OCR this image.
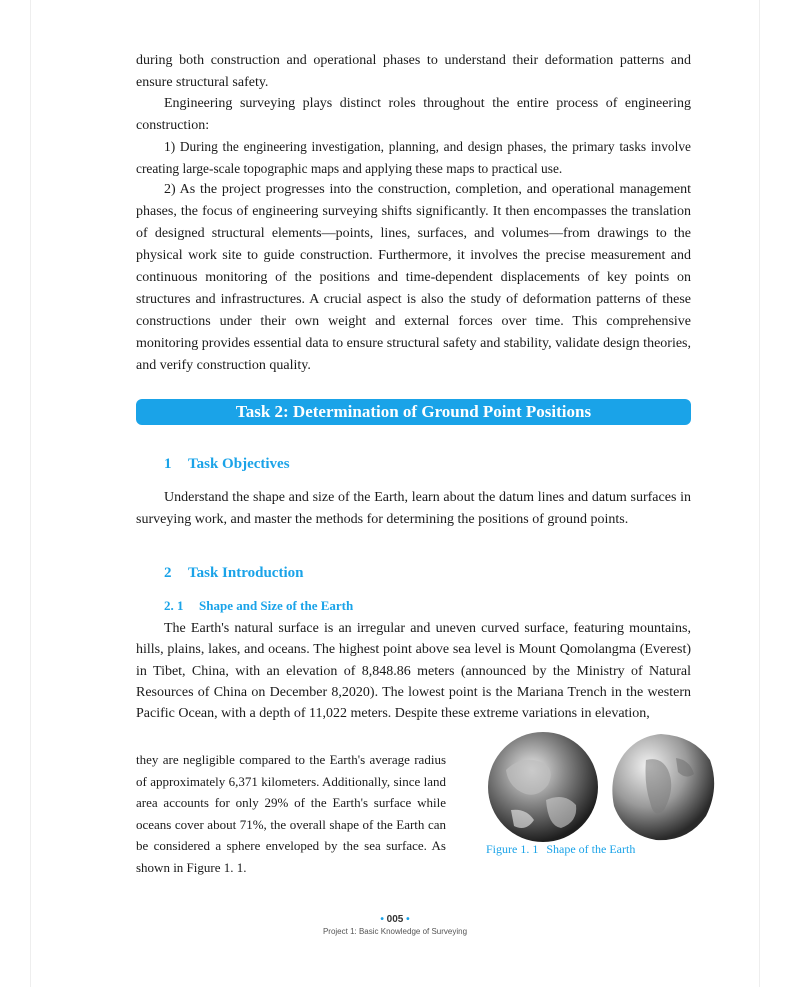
during both construction and operational phases to understand their deformation patterns and ensure structural safety.

Engineering surveying plays distinct roles throughout the entire process of engineering construction:

1) During the engineering investigation, planning, and design phases, the primary tasks involve creating large-scale topographic maps and applying these maps to practical use.

2) As the project progresses into the construction, completion, and operational management phases, the focus of engineering surveying shifts significantly. It then encompasses the translation of designed structural elements—points, lines, surfaces, and volumes—from drawings to the physical work site to guide construction. Furthermore, it involves the precise measurement and continuous monitoring of the positions and time-dependent displacements of key points on structures and infrastructures. A crucial aspect is also the study of deformation patterns of these constructions under their own weight and external forces over time. This comprehensive monitoring provides essential data to ensure structural safety and stability, validate design theories, and verify construction quality.

Task 2: Determination of Ground Point Positions
1 Task Objectives

Understand the shape and size of the Earth, learn about the datum lines and datum surfaces in surveying work, and master the methods for determining the positions of ground points.

2 Task Introduction
2. 1 Shape and Size of the Earth

The Earth's natural surface is an irregular and uneven curved surface, featuring mountains, hills, plains, lakes, and oceans. The highest point above sea level is Mount Qomolangma (Everest) in Tibet, China, with an elevation of 8,848.86 meters (announced by the Ministry of Natural Resources of China on December 8,2020). The lowest point is the Mariana Trench in the western Pacific Ocean, with a depth of 11,022 meters. Despite these extreme variations in elevation,

they are negligible compared to the Earth's average radius of approximately 6,371 kilometers. Additionally, since land area accounts for only 29% of the Earth's surface while oceans cover about 71%, the overall shape of the Earth can be considered a sphere enveloped by the sea surface. As shown in Figure 1. 1.

Figure 1. 1 Shape of the Earth
• 005 •
Project 1: Basic Knowledge of Surveying
